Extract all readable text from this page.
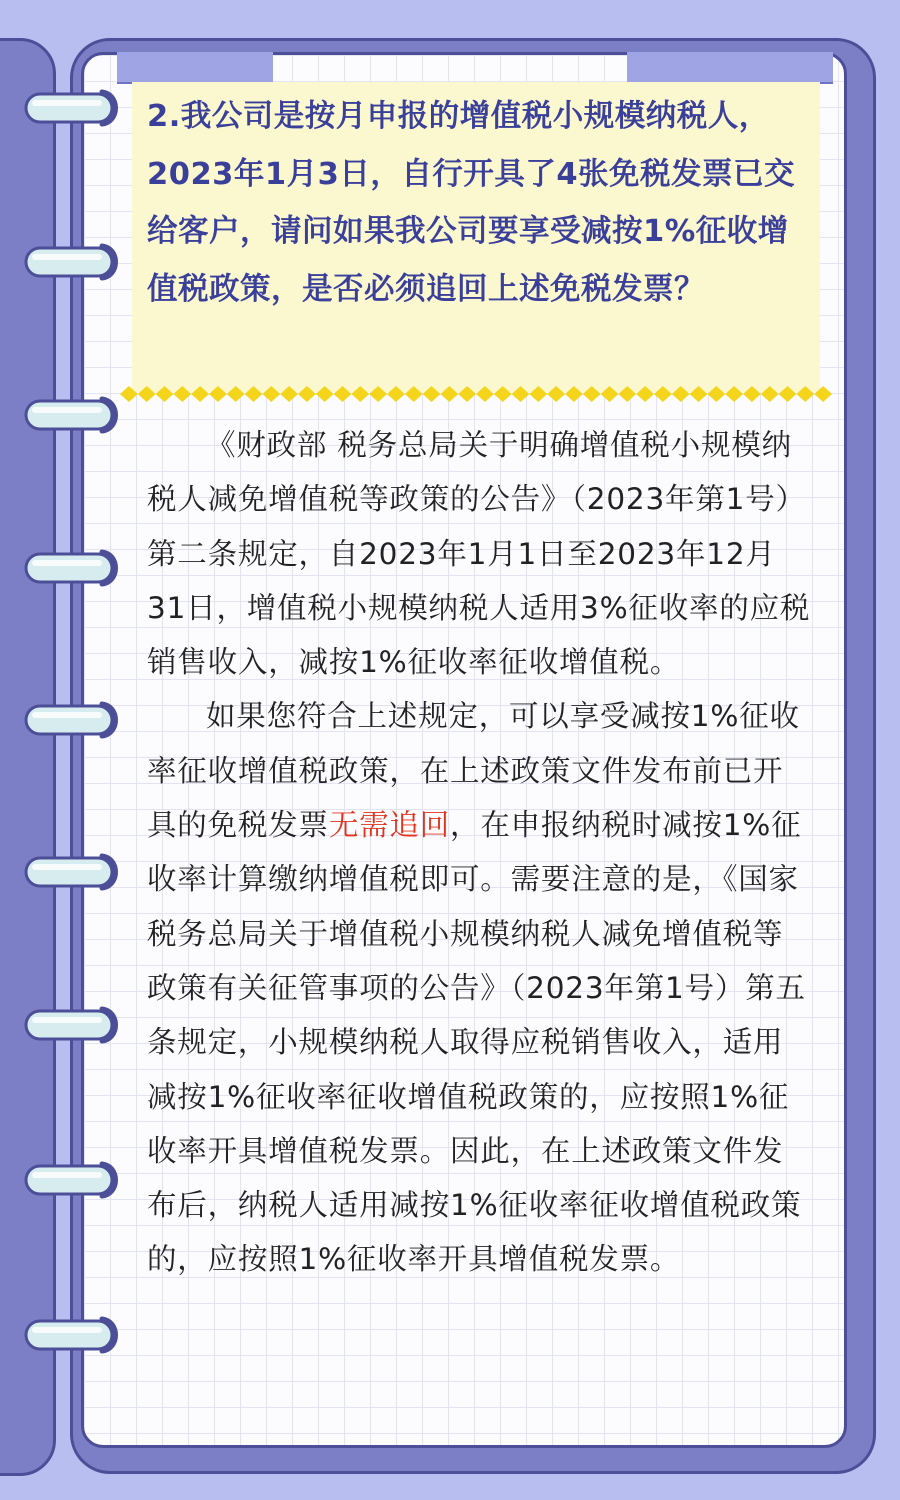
2.我公司是按月申报的增值税小规模纳税人，2023年1月3日，自行开具了4张免税发票已交给客户，请问如果我公司要享受减按1%征收增值税政策，是否必须追回上述免税发票？

《财政部 税务总局关于明确增值税小规模纳税人减免增值税等政策的公告》（2023年第1号）第二条规定，自2023年1月1日至2023年12月31日，增值税小规模纳税人适用3%征收率的应税销售收入，减按1%征收率征收增值税。

如果您符合上述规定，可以享受减按1%征收率征收增值税政策，在上述政策文件发布前已开具的免税发票无需追回，在申报纳税时减按1%征收率计算缴纳增值税即可。需要注意的是，《国家税务总局关于增值税小规模纳税人减免增值税等政策有关征管事项的公告》（2023年第1号）第五条规定，小规模纳税人取得应税销售收入，适用减按1%征收率征收增值税政策的，应按照1%征收率开具增值税发票。因此，在上述政策文件发布后，纳税人适用减按1%征收率征收增值税政策的，应按照1%征收率开具增值税发票。
